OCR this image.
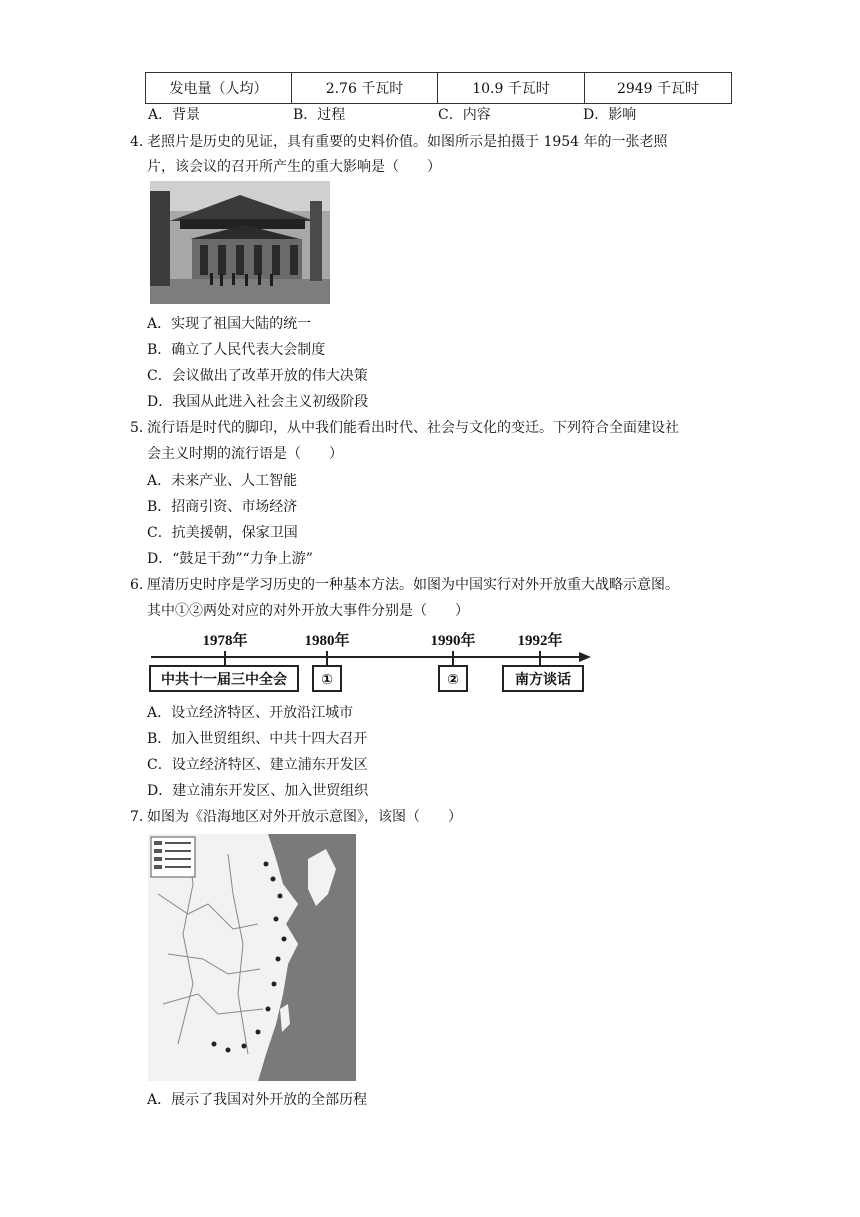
发电量（人均）	2.76 千瓦时	10.9 千瓦时	2949 千瓦时
A．背景	B．过程	C．内容	D．影响
4．
老照片是历史的见证，具有重要的史料价值。如图所示是拍摄于 1954 年的一张老照
片，该会议的召开所产生的重大影响是（　　）
A．实现了祖国大陆的统一
B．确立了人民代表大会制度
C．会议做出了改革开放的伟大决策
D．我国从此进入社会主义初级阶段
5．
流行语是时代的脚印，从中我们能看出时代、社会与文化的变迁。下列符合全面建设社
会主义时期的流行语是（　　）
A．未来产业、人工智能
B．招商引资、市场经济
C．抗美援朝，保家卫国
D．“鼓足干劲”“力争上游”
6．
厘清历史时序是学习历史的一种基本方法。如图为中国实行对外开放重大战略示意图。
其中①②两处对应的对外开放大事件分别是（　　）
1978年	1980年	1990年	1992年
中共十一届三中全会 ①	②	南方谈话
A．设立经济特区、开放沿江城市
B．加入世贸组织、中共十四大召开
C．设立经济特区、建立浦东开发区
D．建立浦东开发区、加入世贸组织
7．
如图为《沿海地区对外开放示意图》，该图（　　）
A．展示了我国对外开放的全部历程
